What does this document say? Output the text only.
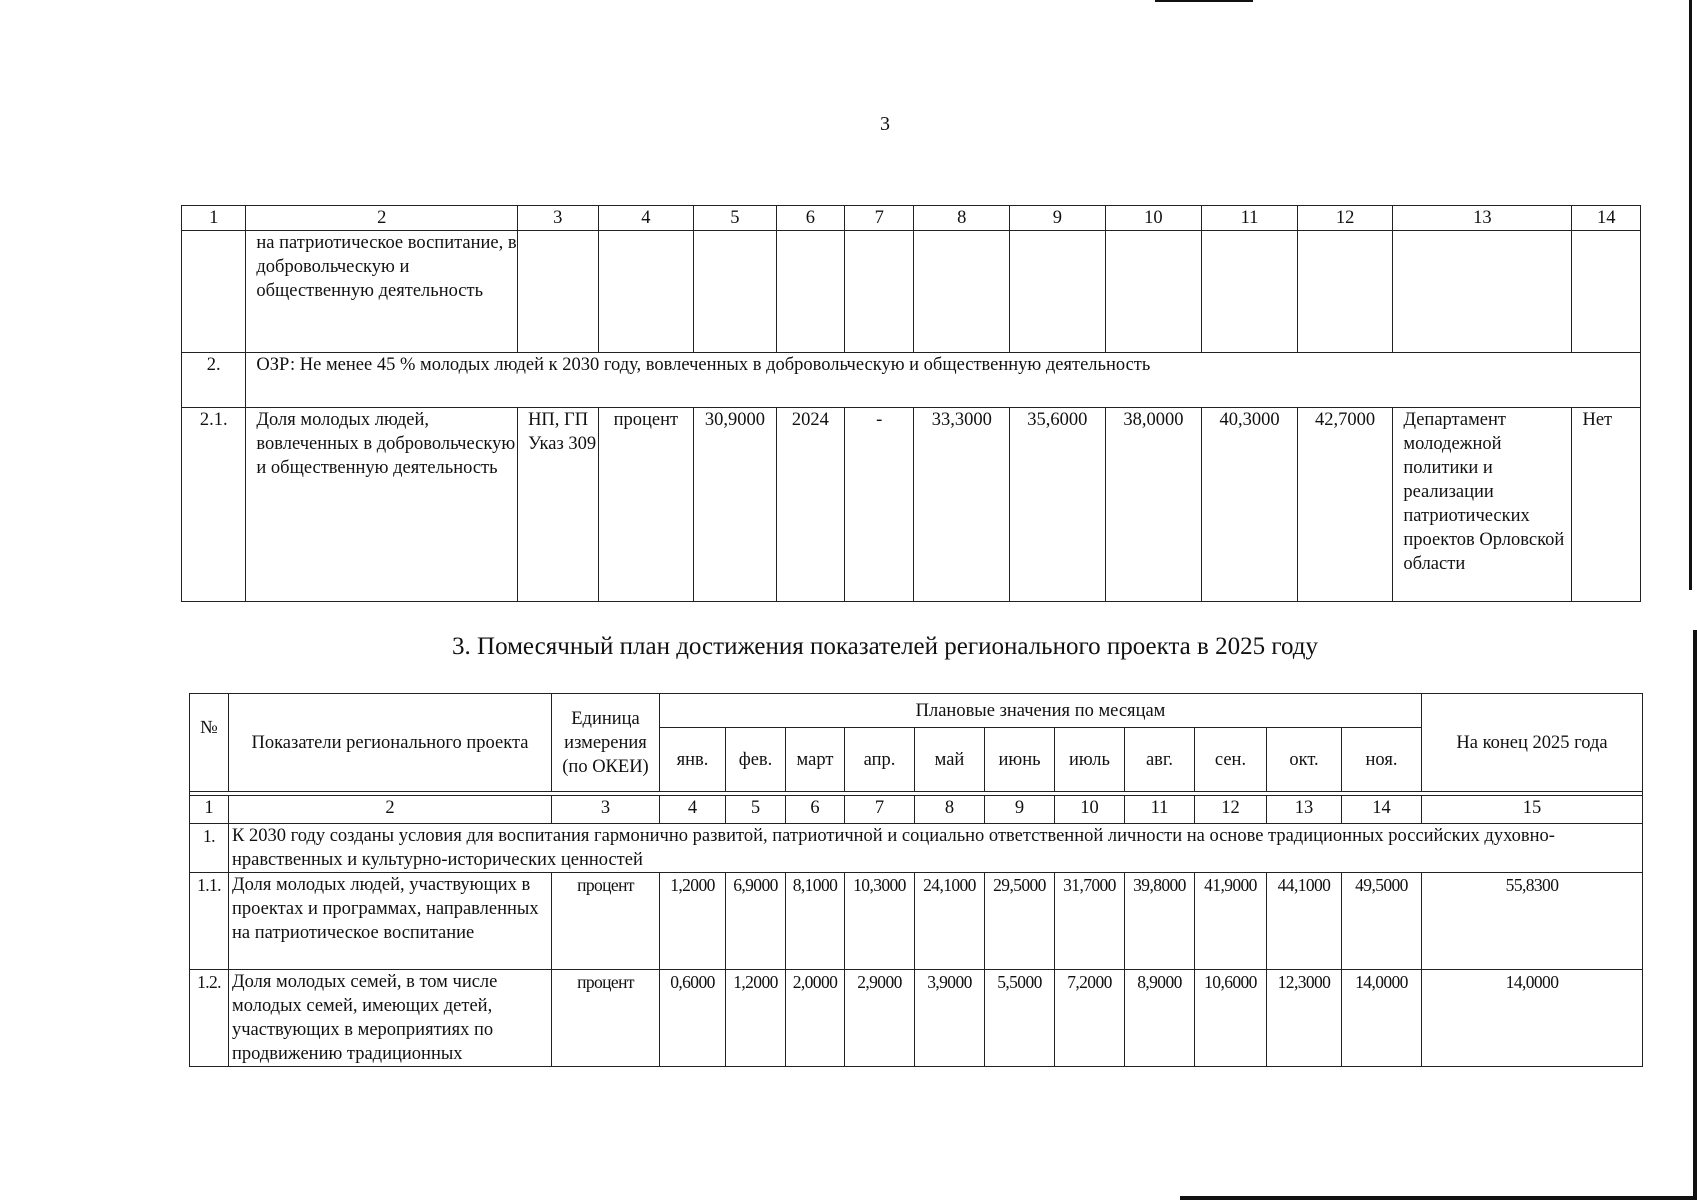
3
1	2	3	4	5	6	7	8	9	10	11	12	13	14
	на патриотическое воспитание, в добровольческую и общественную деятельность												
2.	ОЗР: Не менее 45 % молодых людей к 2030 году, вовлеченных в добровольческую и общественную деятельность												
2.1.	Доля молодых людей, вовлеченных в добровольческую и общественную деятельность	НП, ГП Указ 309	процент	30,9000	2024	-	33,3000	35,6000	38,0000	40,3000	42,7000	Департамент молодежной политики и реализации патриотических проектов Орловской области	Нет
3. Помесячный план достижения показателей регионального проекта в 2025 году
№	Показатели регионального проекта	Единица измерения (по ОКЕИ)	Плановые значения по месяцам											На конец 2025 года
			янв.	фев.	март	апр.	май	июнь	июль	авг.	сен.	окт.	ноя.	

1	2	3	4	5	6	7	8	9	10	11	12	13	14	15
1.	К 2030 году созданы условия для воспитания гармонично развитой, патриотичной и социально ответственной личности на основе традиционных российских духовно-нравственных и культурно-исторических ценностей													
1.1.	Доля молодых людей, участвующих в проектах и программах, направленных на патриотическое воспитание	процент	1,2000	6,9000	8,1000	10,3000	24,1000	29,5000	31,7000	39,8000	41,9000	44,1000	49,5000	55,8300
1.2.	Доля молодых семей, в том числе молодых семей, имеющих детей, участвующих в мероприятиях по продвижению традиционных	процент	0,6000	1,2000	2,0000	2,9000	3,9000	5,5000	7,2000	8,9000	10,6000	12,3000	14,0000	14,0000
